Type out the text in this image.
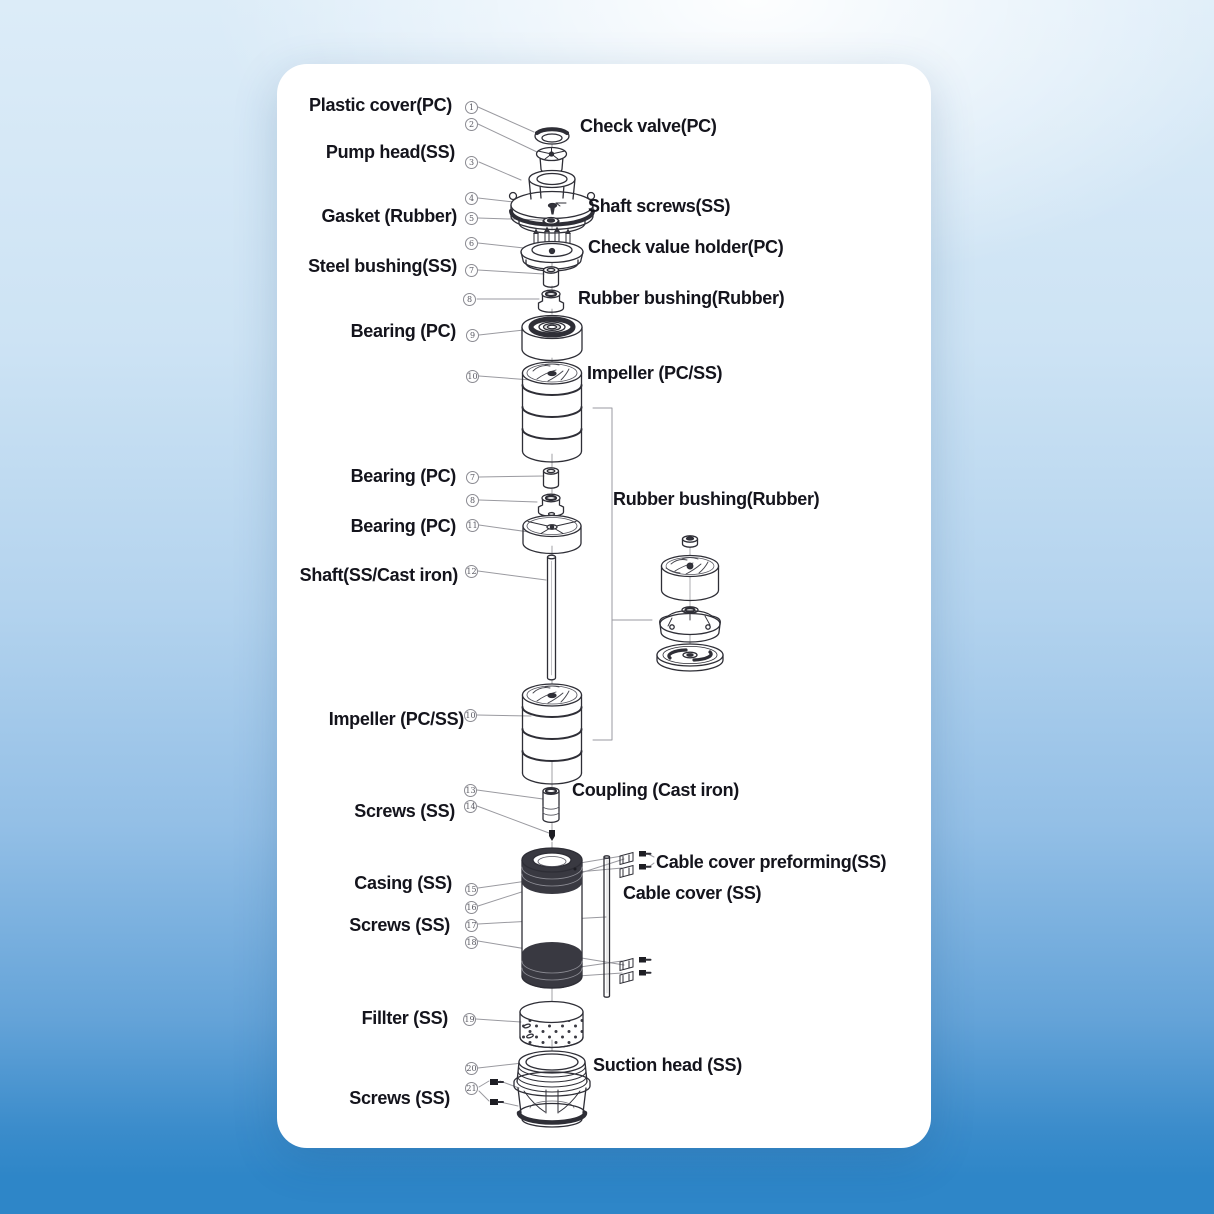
Plastic cover(PC)
Pump head(SS)
Gasket (Rubber)
Steel bushing(SS)
Bearing (PC)
Bearing (PC)
Bearing (PC)
Shaft(SS/Cast iron)
Impeller (PC/SS)
Screws (SS)
Casing (SS)
Screws (SS)
Fillter (SS)
Screws (SS)
Check valve(PC)
Shaft screws(SS)
Check value holder(PC)
Rubber bushing(Rubber)
Impeller (PC/SS)
Rubber bushing(Rubber)
Coupling (Cast iron)
Cable cover preforming(SS)
Cable cover (SS)
Suction head (SS)
1
2
3
4
5
6
7
8
9
10
7
8
11
12
10
13
14
15
16
17
18
19
20
21
